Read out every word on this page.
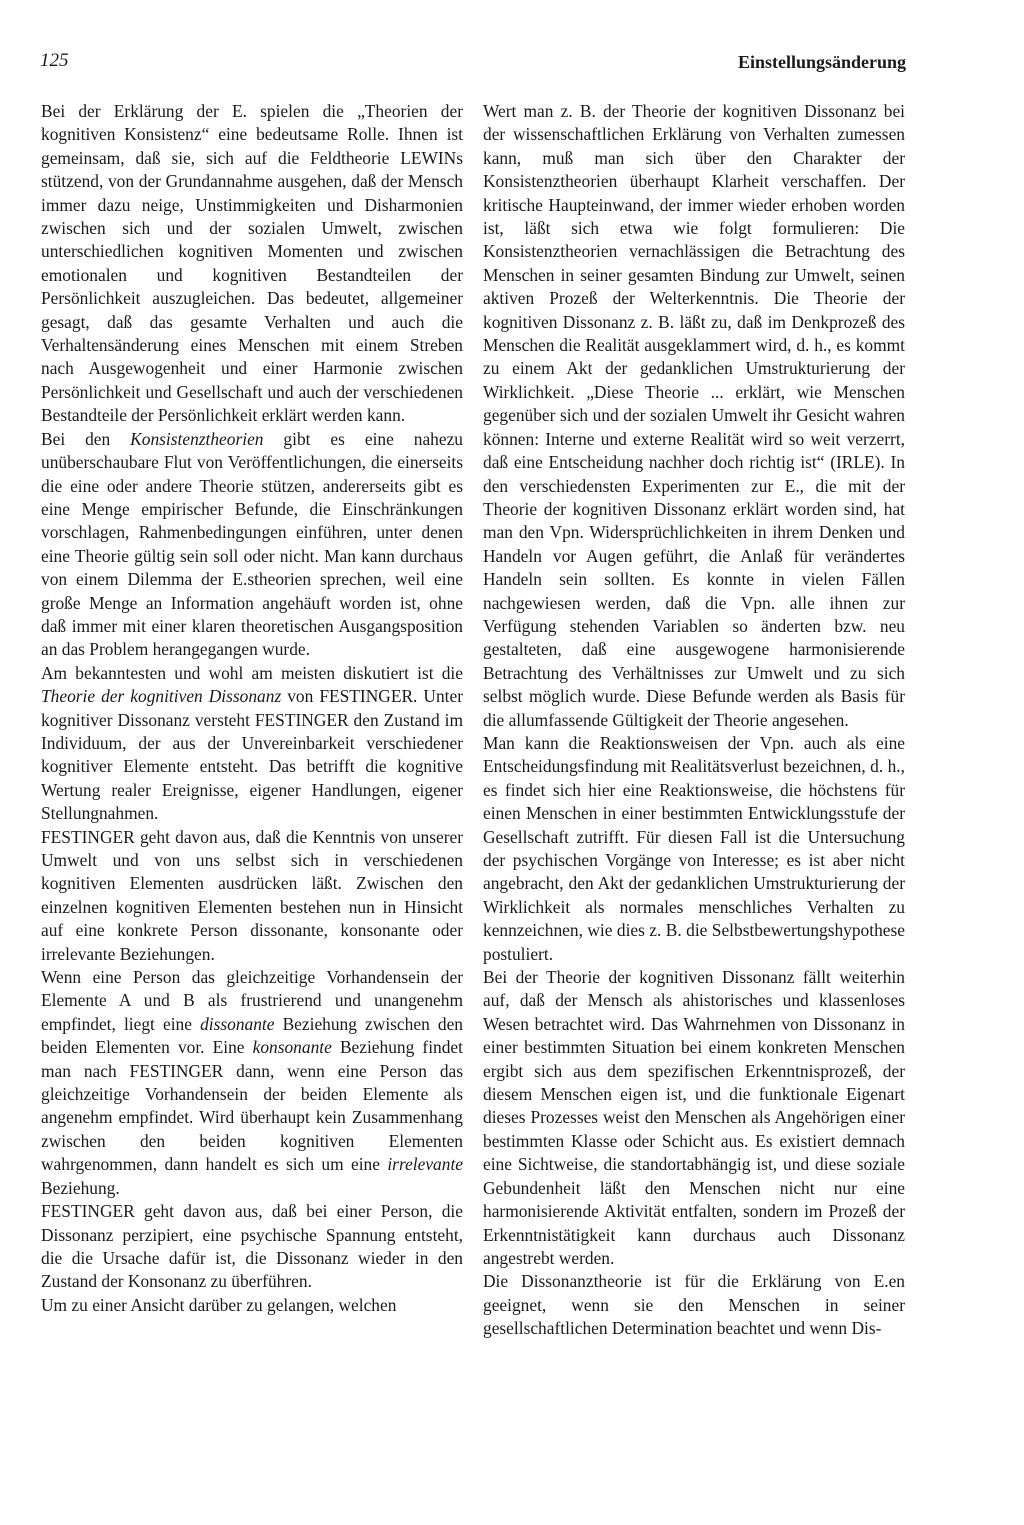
125	Einstellungsänderung

Bei der Erklärung der E. spielen die „Theorien der kognitiven Konsistenz“ eine bedeutsame Rolle. Ihnen ist gemeinsam, daß sie, sich auf die Feldtheorie LEWINs stützend, von der Grundannahme ausgehen, daß der Mensch immer dazu neige, Unstimmigkeiten und Disharmonien zwischen sich und der sozialen Umwelt, zwischen unterschiedlichen kognitiven Momenten und zwischen emotionalen und kognitiven Bestandteilen der Persönlichkeit auszugleichen. Das bedeutet, allgemeiner gesagt, daß das gesamte Verhalten und auch die Verhaltensänderung eines Menschen mit einem Streben nach Ausgewogenheit und einer Harmonie zwischen Persönlichkeit und Gesellschaft und auch der verschiedenen Bestandteile der Persönlichkeit erklärt werden kann.

Bei den Konsistenztheorien gibt es eine nahezu unüberschaubare Flut von Veröffentlichungen, die einerseits die eine oder andere Theorie stützen, andererseits gibt es eine Menge empirischer Befunde, die Einschränkungen vorschlagen, Rahmenbedingungen einführen, unter denen eine Theorie gültig sein soll oder nicht. Man kann durchaus von einem Dilemma der E.stheorien sprechen, weil eine große Menge an Information angehäuft worden ist, ohne daß immer mit einer klaren theoretischen Ausgangsposition an das Problem herangegangen wurde.

Am bekanntesten und wohl am meisten diskutiert ist die Theorie der kognitiven Dissonanz von FESTINGER. Unter kognitiver Dissonanz versteht FESTINGER den Zustand im Individuum, der aus der Unvereinbarkeit verschiedener kognitiver Elemente entsteht. Das betrifft die kognitive Wertung realer Ereignisse, eigener Handlungen, eigener Stellungnahmen.

FESTINGER geht davon aus, daß die Kenntnis von unserer Umwelt und von uns selbst sich in verschiedenen kognitiven Elementen ausdrücken läßt. Zwischen den einzelnen kognitiven Elementen bestehen nun in Hinsicht auf eine konkrete Person dissonante, konsonante oder irrelevante Beziehungen.

Wenn eine Person das gleichzeitige Vorhandensein der Elemente A und B als frustrierend und unangenehm empfindet, liegt eine dissonante Beziehung zwischen den beiden Elementen vor. Eine konsonante Beziehung findet man nach FESTINGER dann, wenn eine Person das gleichzeitige Vorhandensein der beiden Elemente als angenehm empfindet. Wird überhaupt kein Zusammenhang zwischen den beiden kognitiven Elementen wahrgenommen, dann handelt es sich um eine irrelevante Beziehung.

FESTINGER geht davon aus, daß bei einer Person, die Dissonanz perzipiert, eine psychische Spannung entsteht, die die Ursache dafür ist, die Dissonanz wieder in den Zustand der Konsonanz zu überführen.

Um zu einer Ansicht darüber zu gelangen, welchen

Wert man z. B. der Theorie der kognitiven Dissonanz bei der wissenschaftlichen Erklärung von Verhalten zumessen kann, muß man sich über den Charakter der Konsistenztheorien überhaupt Klarheit verschaffen. Der kritische Haupteinwand, der immer wieder erhoben worden ist, läßt sich etwa wie folgt formulieren: Die Konsistenztheorien vernachlässigen die Betrachtung des Menschen in seiner gesamten Bindung zur Umwelt, seinen aktiven Prozeß der Welterkenntnis. Die Theorie der kognitiven Dissonanz z. B. läßt zu, daß im Denkprozeß des Menschen die Realität ausgeklammert wird, d. h., es kommt zu einem Akt der gedanklichen Umstrukturierung der Wirklichkeit. „Diese Theorie ... erklärt, wie Menschen gegenüber sich und der sozialen Umwelt ihr Gesicht wahren können: Interne und externe Realität wird so weit verzerrt, daß eine Entscheidung nachher doch richtig ist“ (IRLE). In den verschiedensten Experimenten zur E., die mit der Theorie der kognitiven Dissonanz erklärt worden sind, hat man den Vpn. Widersprüchlichkeiten in ihrem Denken und Handeln vor Augen geführt, die Anlaß für verändertes Handeln sein sollten. Es konnte in vielen Fällen nachgewiesen werden, daß die Vpn. alle ihnen zur Verfügung stehenden Variablen so änderten bzw. neu gestalteten, daß eine ausgewogene harmonisierende Betrachtung des Verhältnisses zur Umwelt und zu sich selbst möglich wurde. Diese Befunde werden als Basis für die allumfassende Gültigkeit der Theorie angesehen.

Man kann die Reaktionsweisen der Vpn. auch als eine Entscheidungsfindung mit Realitätsverlust bezeichnen, d. h., es findet sich hier eine Reaktionsweise, die höchstens für einen Menschen in einer bestimmten Entwicklungsstufe der Gesellschaft zutrifft. Für diesen Fall ist die Untersuchung der psychischen Vorgänge von Interesse; es ist aber nicht angebracht, den Akt der gedanklichen Umstrukturierung der Wirklichkeit als normales menschliches Verhalten zu kennzeichnen, wie dies z. B. die Selbstbewertungshypothese postuliert.

Bei der Theorie der kognitiven Dissonanz fällt weiterhin auf, daß der Mensch als ahistorisches und klassenloses Wesen betrachtet wird. Das Wahrnehmen von Dissonanz in einer bestimmten Situation bei einem konkreten Menschen ergibt sich aus dem spezifischen Erkenntnisprozeß, der diesem Menschen eigen ist, und die funktionale Eigenart dieses Prozesses weist den Menschen als Angehörigen einer bestimmten Klasse oder Schicht aus. Es existiert demnach eine Sichtweise, die standortabhängig ist, und diese soziale Gebundenheit läßt den Menschen nicht nur eine harmonisierende Aktivität entfalten, sondern im Prozeß der Erkenntnistätigkeit kann durchaus auch Dissonanz angestrebt werden.

Die Dissonanztheorie ist für die Erklärung von E.en geeignet, wenn sie den Menschen in seiner gesellschaftlichen Determination beachtet und wenn Dis-
